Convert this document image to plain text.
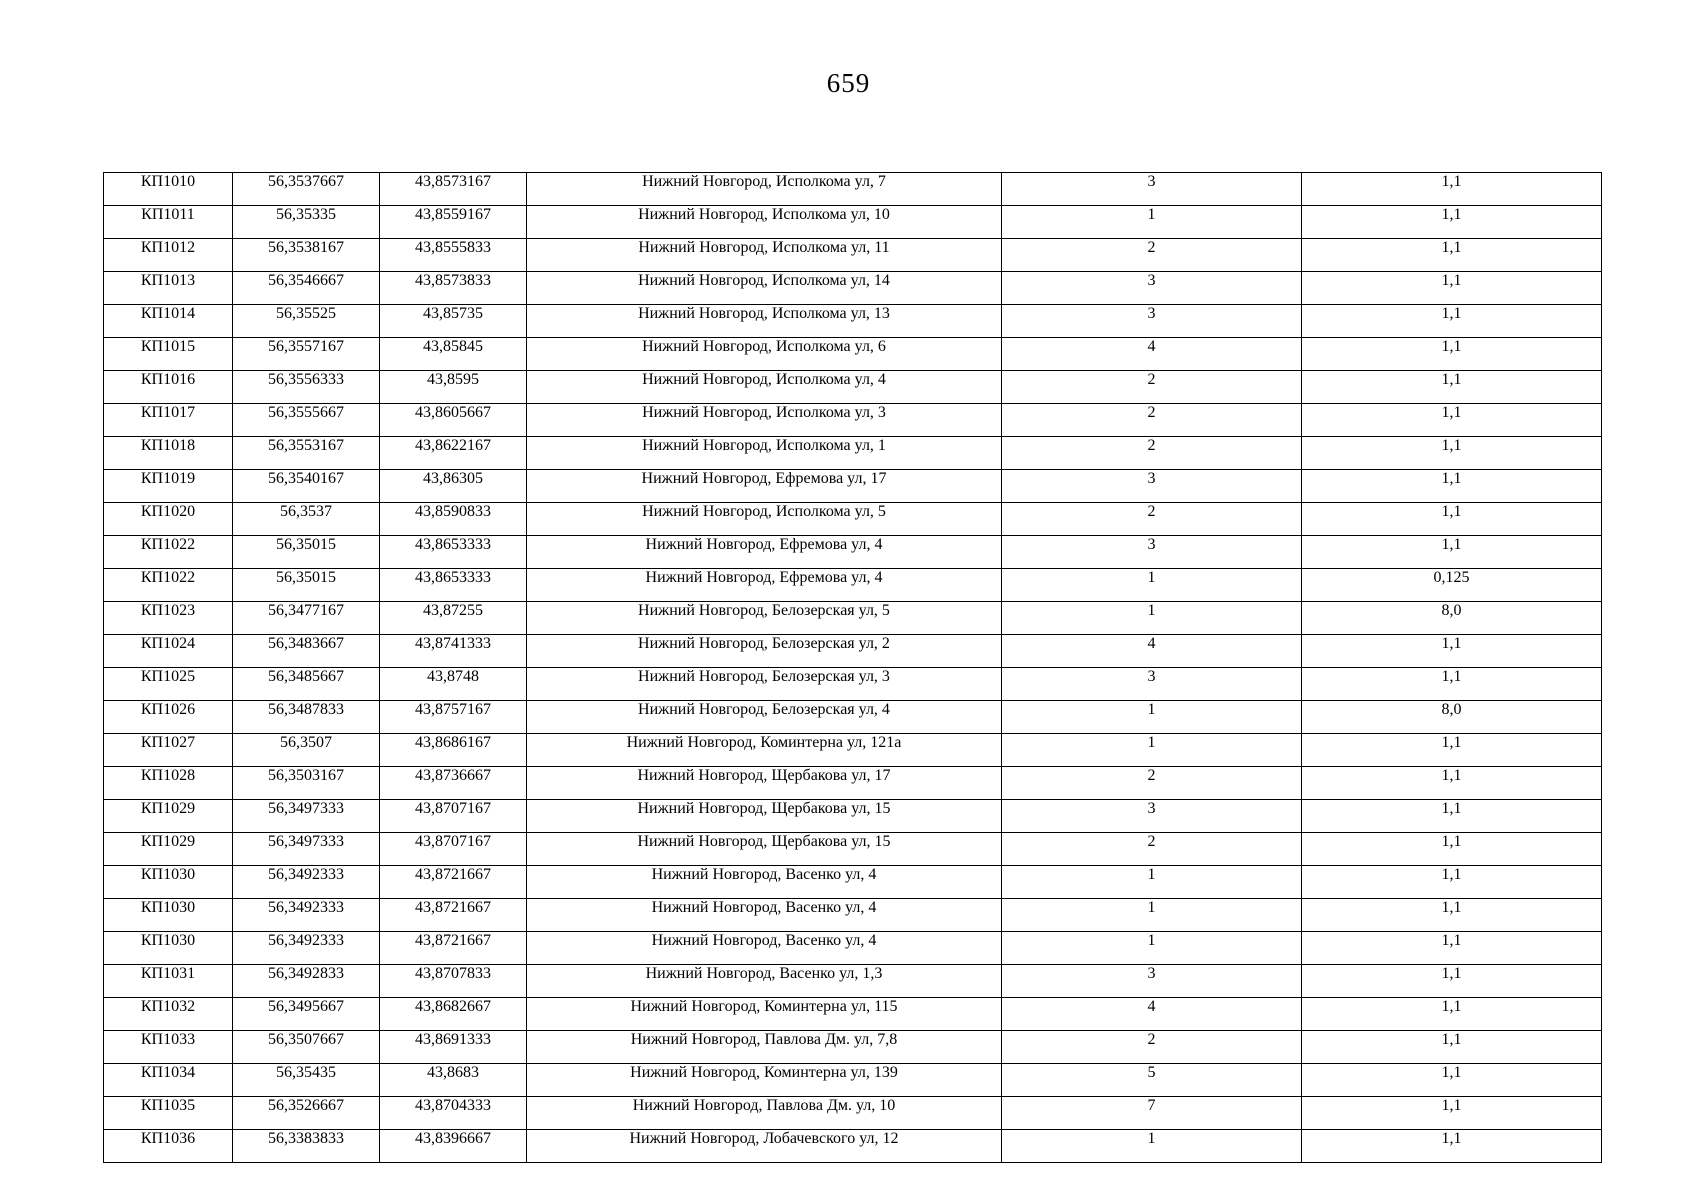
659
КП1010	56,3537667	43,8573167	Нижний Новгород, Исполкома ул, 7	3	1,1
КП1011	56,35335	43,8559167	Нижний Новгород, Исполкома ул, 10	1	1,1
КП1012	56,3538167	43,8555833	Нижний Новгород, Исполкома ул, 11	2	1,1
КП1013	56,3546667	43,8573833	Нижний Новгород, Исполкома ул, 14	3	1,1
КП1014	56,35525	43,85735	Нижний Новгород, Исполкома ул, 13	3	1,1
КП1015	56,3557167	43,85845	Нижний Новгород, Исполкома ул, 6	4	1,1
КП1016	56,3556333	43,8595	Нижний Новгород, Исполкома ул, 4	2	1,1
КП1017	56,3555667	43,8605667	Нижний Новгород, Исполкома ул, 3	2	1,1
КП1018	56,3553167	43,8622167	Нижний Новгород, Исполкома ул, 1	2	1,1
КП1019	56,3540167	43,86305	Нижний Новгород, Ефремова ул, 17	3	1,1
КП1020	56,3537	43,8590833	Нижний Новгород, Исполкома ул, 5	2	1,1
КП1022	56,35015	43,8653333	Нижний Новгород, Ефремова ул, 4	3	1,1
КП1022	56,35015	43,8653333	Нижний Новгород, Ефремова ул, 4	1	0,125
КП1023	56,3477167	43,87255	Нижний Новгород, Белозерская ул, 5	1	8,0
КП1024	56,3483667	43,8741333	Нижний Новгород, Белозерская ул, 2	4	1,1
КП1025	56,3485667	43,8748	Нижний Новгород, Белозерская ул, 3	3	1,1
КП1026	56,3487833	43,8757167	Нижний Новгород, Белозерская ул, 4	1	8,0
КП1027	56,3507	43,8686167	Нижний Новгород, Коминтерна ул, 121а	1	1,1
КП1028	56,3503167	43,8736667	Нижний Новгород, Щербакова ул, 17	2	1,1
КП1029	56,3497333	43,8707167	Нижний Новгород, Щербакова ул, 15	3	1,1
КП1029	56,3497333	43,8707167	Нижний Новгород, Щербакова ул, 15	2	1,1
КП1030	56,3492333	43,8721667	Нижний Новгород, Васенко ул, 4	1	1,1
КП1030	56,3492333	43,8721667	Нижний Новгород, Васенко ул, 4	1	1,1
КП1030	56,3492333	43,8721667	Нижний Новгород, Васенко ул, 4	1	1,1
КП1031	56,3492833	43,8707833	Нижний Новгород, Васенко ул, 1,3	3	1,1
КП1032	56,3495667	43,8682667	Нижний Новгород, Коминтерна ул, 115	4	1,1
КП1033	56,3507667	43,8691333	Нижний Новгород, Павлова Дм. ул, 7,8	2	1,1
КП1034	56,35435	43,8683	Нижний Новгород, Коминтерна ул, 139	5	1,1
КП1035	56,3526667	43,8704333	Нижний Новгород, Павлова Дм. ул, 10	7	1,1
КП1036	56,3383833	43,8396667	Нижний Новгород, Лобачевского ул, 12	1	1,1
